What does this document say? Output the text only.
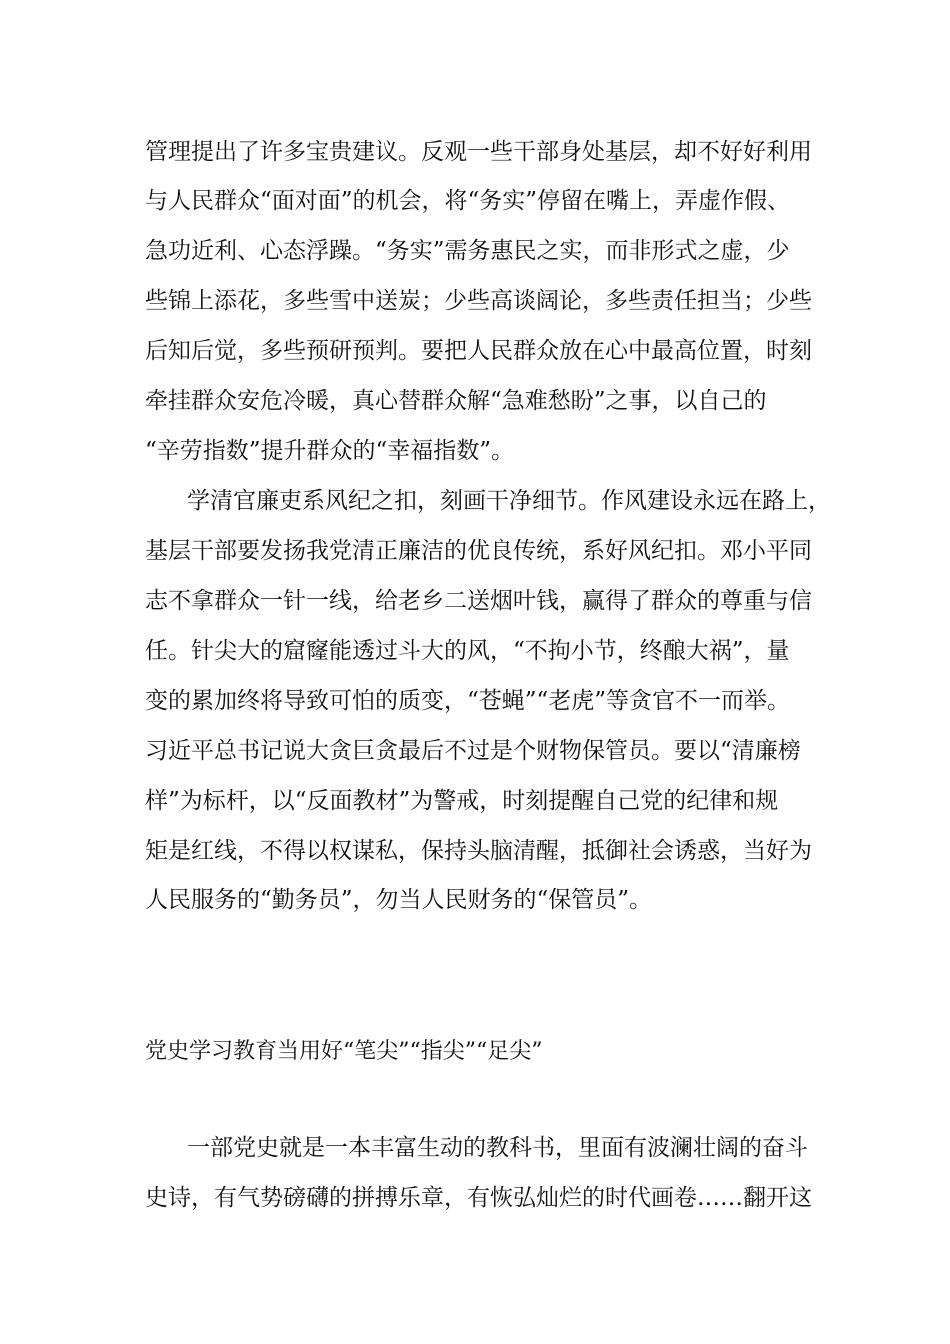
管理提出了许多宝贵建议。反观一些干部身处基层，却不好好利用
与人民群众“面对面”的机会，将“务实”停留在嘴上，弄虚作假、
急功近利、心态浮躁。“务实”需务惠民之实，而非形式之虚，少
些锦上添花，多些雪中送炭；少些高谈阔论，多些责任担当；少些
后知后觉，多些预研预判。要把人民群众放在心中最高位置，时刻
牵挂群众安危冷暖，真心替群众解“急难愁盼”之事，以自己的
“辛劳指数”提升群众的“幸福指数”。
学清官廉吏系风纪之扣，刻画干净细节。作风建设永远在路上，
基层干部要发扬我党清正廉洁的优良传统，系好风纪扣。邓小平同
志不拿群众一针一线，给老乡二送烟叶钱，赢得了群众的尊重与信
任。针尖大的窟窿能透过斗大的风，“不拘小节，终酿大祸”，量
变的累加终将导致可怕的质变，“苍蝇”“老虎”等贪官不一而举。
习近平总书记说大贪巨贪最后不过是个财物保管员。要以“清廉榜
样”为标杆，以“反面教材”为警戒，时刻提醒自己党的纪律和规
矩是红线，不得以权谋私，保持头脑清醒，抵御社会诱惑，当好为
人民服务的“勤务员”，勿当人民财务的“保管员”。
党史学习教育当用好“笔尖”“指尖”“足尖”
一部党史就是一本丰富生动的教科书，里面有波澜壮阔的奋斗
史诗，有气势磅礴的拼搏乐章，有恢弘灿烂的时代画卷……翻开这
